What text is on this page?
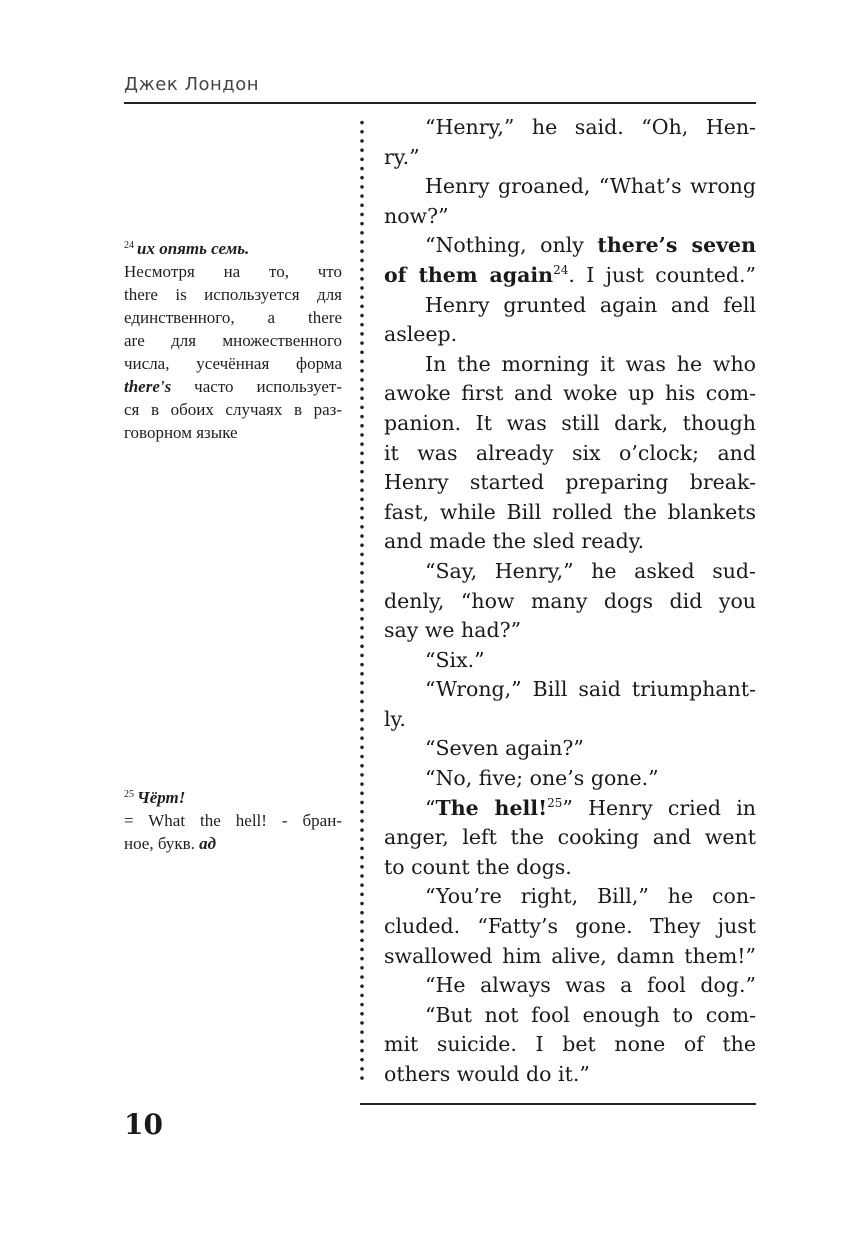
Джек Лондон
$^{24}$ их опять семь.
Несмотря на то, что
there is используется для
единственного, a there
are для множественного
числа, усечённая форма
there's часто использует-
ся в обоих случаях в раз-
говорном языке
$^{25}$ Чёрт!
= What the hell! - бран-
ное, букв. ад
“Henry,” he said. “Oh, Hen-
ry.”
Henry groaned, “What’s wrong
now?”
“Nothing, only there’s seven
of them again$^{24}$. I just counted.”
Henry grunted again and fell
asleep.
In the morning it was he who
awoke first and woke up his com-
panion. It was still dark, though
it was already six o’clock; and
Henry started preparing break-
fast, while Bill rolled the blankets
and made the sled ready.
“Say, Henry,” he asked sud-
denly, “how many dogs did you
say we had?”
“Six.”
“Wrong,” Bill said triumphant-
ly.
“Seven again?”
“No, five; one’s gone.”
“The hell!$^{25}$” Henry cried in
anger, left the cooking and went
to count the dogs.
“You’re right, Bill,” he con-
cluded. “Fatty’s gone. They just
swallowed him alive, damn them!”
“He always was a fool dog.”
“But not fool enough to com-
mit suicide. I bet none of the
others would do it.”
10
